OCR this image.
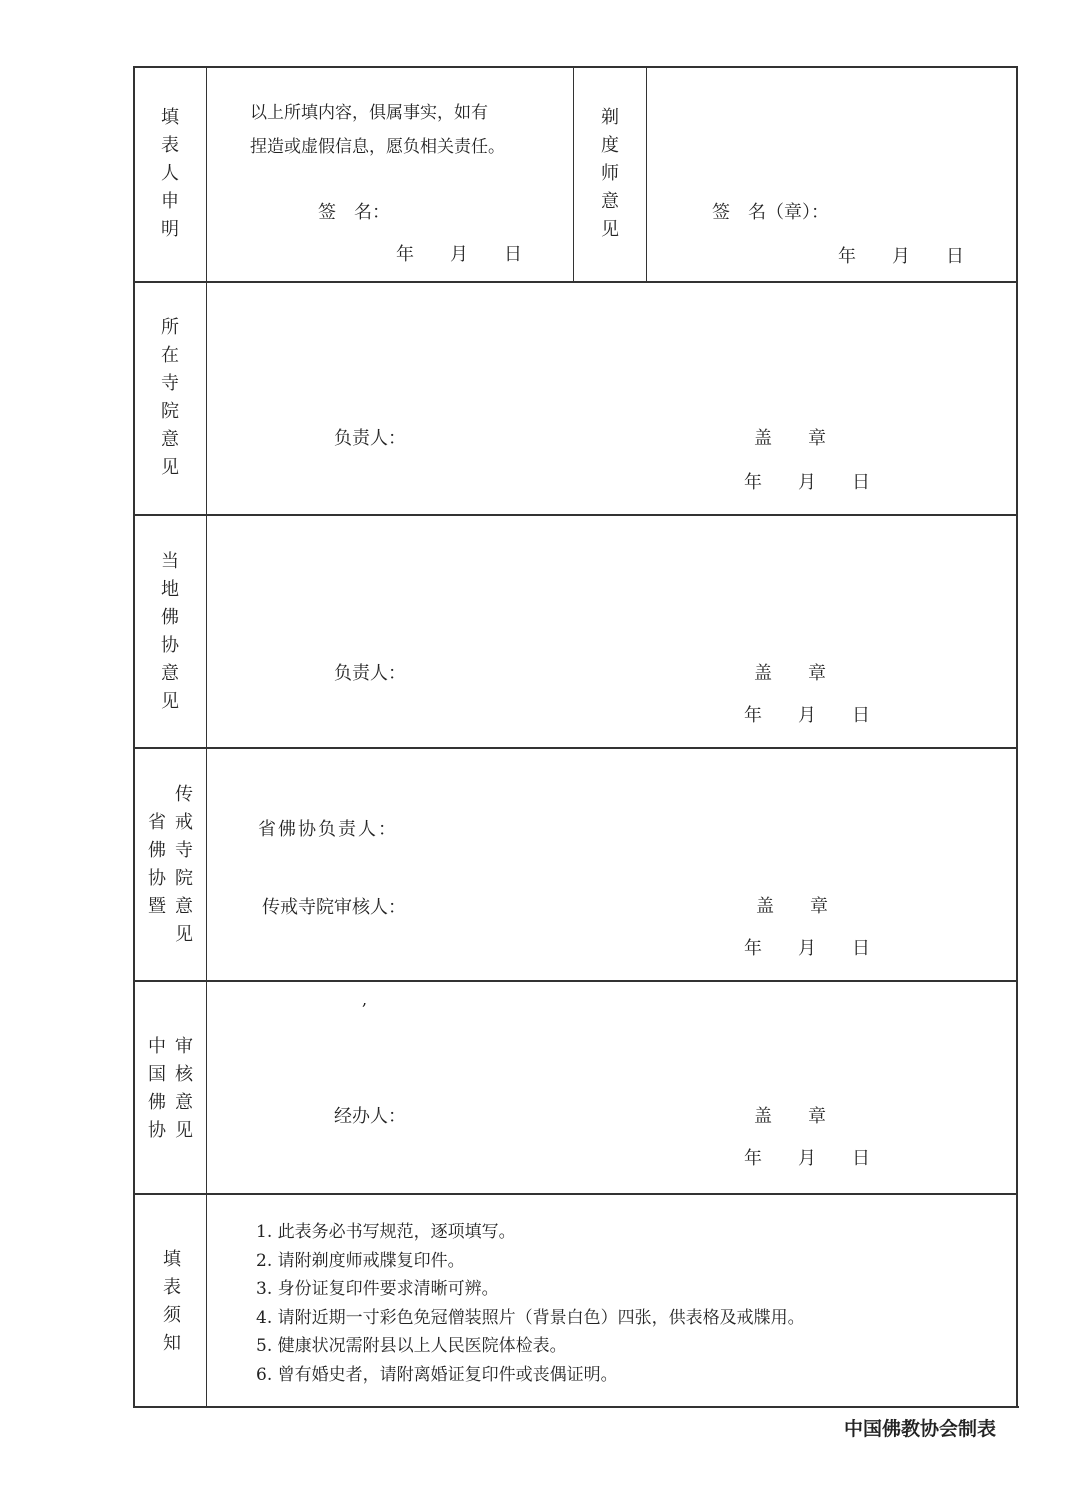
填
表
人
申
明
以上所填内容，俱属事实，如有
捏造或虚假信息，愿负相关责任。
签　名：
年　　月　　日
剃
度
师
意
见
签　名（章）：
年　　月　　日
所
在
寺
院
意
见
负责人：	盖　　章
年　　月　　日
当
地
佛
协
意
见
负责人：	盖　　章
年　　月　　日
省
佛
协
暨
传
戒
寺
院
意
见
省佛协负责人：
传戒寺院审核人：	盖　　章
年　　月　　日
,
中
国
佛
协
审
核
意
见
经办人：	盖　　章
年　　月　　日
填
表
须
知
1. 此表务必书写规范，逐项填写。
2. 请附剃度师戒牒复印件。
3. 身份证复印件要求清晰可辨。
4. 请附近期一寸彩色免冠僧装照片（背景白色）四张，供表格及戒牒用。
5. 健康状况需附县以上人民医院体检表。
6. 曾有婚史者，请附离婚证复印件或丧偶证明。
中国佛教协会制表
